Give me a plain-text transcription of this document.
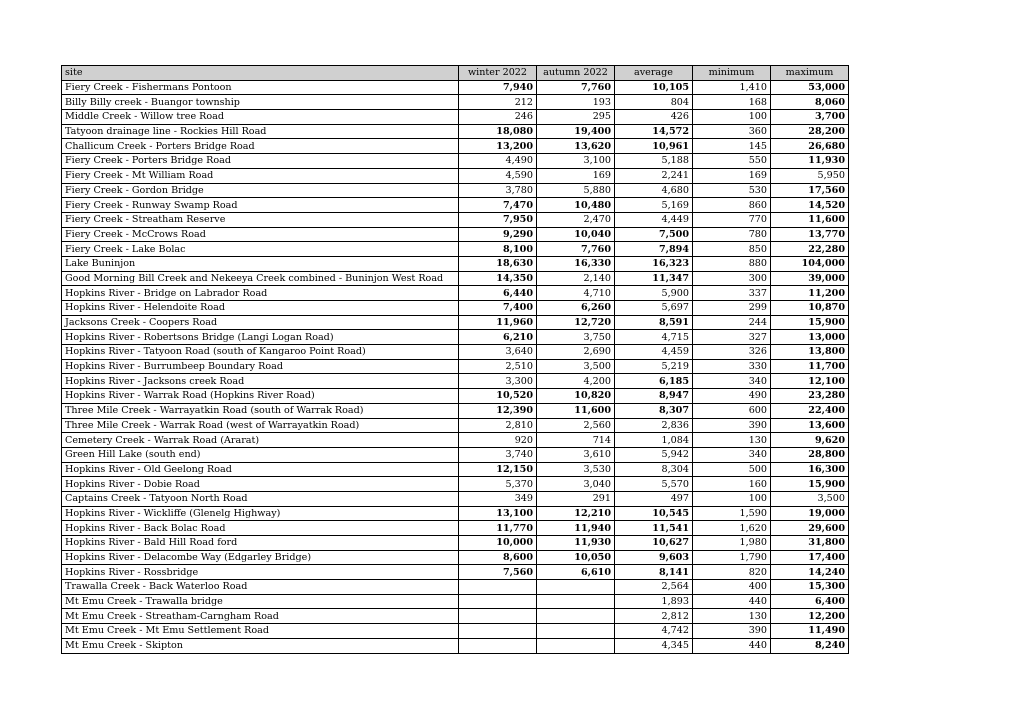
site	winter 2022	autumn 2022	average	minimum	maximum
Fiery Creek - Fishermans Pontoon	7,940	7,760	10,105	1,410	53,000
Billy Billy creek - Buangor township	212	193	804	168	8,060
Middle Creek - Willow tree Road	246	295	426	100	3,700
Tatyoon drainage line - Rockies Hill Road	18,080	19,400	14,572	360	28,200
Challicum Creek - Porters Bridge Road	13,200	13,620	10,961	145	26,680
Fiery Creek - Porters Bridge Road	4,490	3,100	5,188	550	11,930
Fiery Creek - Mt William Road	4,590	169	2,241	169	5,950
Fiery Creek - Gordon Bridge	3,780	5,880	4,680	530	17,560
Fiery Creek - Runway Swamp Road	7,470	10,480	5,169	860	14,520
Fiery Creek - Streatham Reserve	7,950	2,470	4,449	770	11,600
Fiery Creek - McCrows Road	9,290	10,040	7,500	780	13,770
Fiery Creek - Lake Bolac	8,100	7,760	7,894	850	22,280
Lake Buninjon	18,630	16,330	16,323	880	104,000
Good Morning Bill Creek and Nekeeya Creek combined - Buninjon West Road	14,350	2,140	11,347	300	39,000
Hopkins River - Bridge on Labrador Road	6,440	4,710	5,900	337	11,200
Hopkins River - Helendoite Road	7,400	6,260	5,697	299	10,870
Jacksons Creek - Coopers Road	11,960	12,720	8,591	244	15,900
Hopkins River - Robertsons Bridge (Langi Logan Road)	6,210	3,750	4,715	327	13,000
Hopkins River - Tatyoon Road (south of Kangaroo Point Road)	3,640	2,690	4,459	326	13,800
Hopkins River - Burrumbeep Boundary Road	2,510	3,500	5,219	330	11,700
Hopkins River - Jacksons creek Road	3,300	4,200	6,185	340	12,100
Hopkins River - Warrak Road (Hopkins River Road)	10,520	10,820	8,947	490	23,280
Three Mile Creek - Warrayatkin Road (south of Warrak Road)	12,390	11,600	8,307	600	22,400
Three Mile Creek - Warrak Road (west of Warrayatkin Road)	2,810	2,560	2,836	390	13,600
Cemetery Creek - Warrak Road (Ararat)	920	714	1,084	130	9,620
Green Hill Lake (south end)	3,740	3,610	5,942	340	28,800
Hopkins River - Old Geelong Road	12,150	3,530	8,304	500	16,300
Hopkins River - Dobie Road	5,370	3,040	5,570	160	15,900
Captains Creek - Tatyoon North Road	349	291	497	100	3,500
Hopkins River - Wickliffe (Glenelg Highway)	13,100	12,210	10,545	1,590	19,000
Hopkins River - Back Bolac Road	11,770	11,940	11,541	1,620	29,600
Hopkins River - Bald Hill Road ford	10,000	11,930	10,627	1,980	31,800
Hopkins River - Delacombe Way (Edgarley Bridge)	8,600	10,050	9,603	1,790	17,400
Hopkins River - Rossbridge	7,560	6,610	8,141	820	14,240
Trawalla Creek - Back Waterloo Road			2,564	400	15,300
Mt Emu Creek - Trawalla bridge			1,893	440	6,400
Mt Emu Creek - Streatham-Carngham Road			2,812	130	12,200
Mt Emu Creek - Mt Emu Settlement Road			4,742	390	11,490
Mt Emu Creek - Skipton			4,345	440	8,240
